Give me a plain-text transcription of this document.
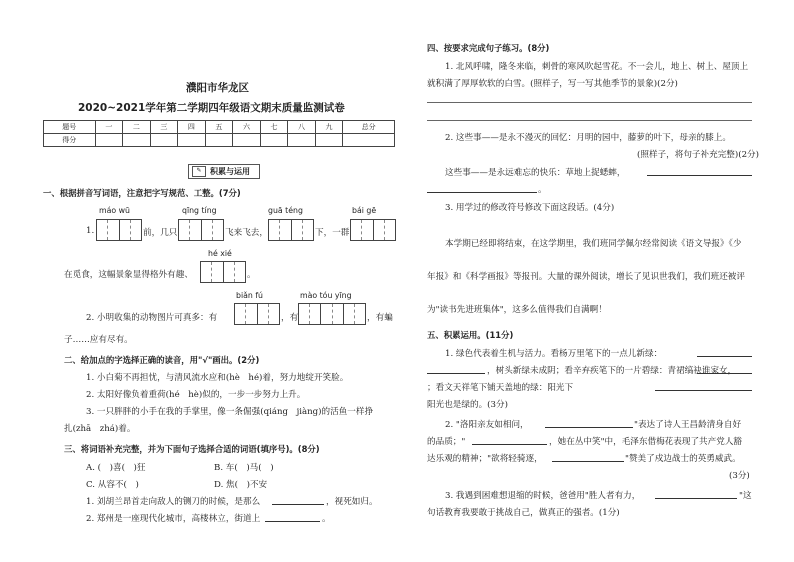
濮阳市华龙区
2020~2021学年第二学期四年级语文期末质量监测试卷
题号	一	二	三	四	五	六	七	八	九	总分
得分										
✎ 积累与运用
一、根据拼音写词语，注意把字写规范、工整。(7分)
máo wū	qīng tíng	guā téng	bái gē
1.	前，几只	飞来飞去，	下，一群
hé xié
在觅食，这幅景象显得格外有趣、	。
biǎn fú	mào tóu yīng
2. 小明收集的动物图片可真多：有	，有	，有蝙
子……应有尽有。
二、给加点的字选择正确的读音，用"√"画出。(2分)
1. 小白菊不再担忧，与清风流水应和(hè　hé)着，努力地绽开笑脸。
2. 太阳好像负着重荷(hé　hè)似的，一步一步努力上升。
3. 一只胖胖的小手在我的手掌里，像一条倔强(qiáng　jiàng)的活鱼一样挣
扎(zhā　zhá)着。
三、将词语补充完整，并为下面句子选择合适的词语(填序号)。(8分)
A. (　)喜(　)狂	B. 车(　)马(　)
C. 从容不(　)	D. 焦(　)不安
1. 刘胡兰昂首走向敌人的铡刀的时候，是那么	，视死如归。
2. 郑州是一座现代化城市，高楼林立，街道上	。
四、按要求完成句子练习。(8分)
1. 北风呼啸，隆冬来临，刺骨的寒风吹起雪花。不一会儿，地上、树上、屋顶上
就积满了厚厚软软的白雪。(照样子，写一写其他季节的景象)(2分)
2. 这些事——是永不漫灭的回忆：月明的园中，藤萝的叶下，母亲的膝上。
(照样子，将句子补充完整)(2分)
这些事——是永远难忘的快乐：草地上捉蟋蟀，
。
3. 用学过的修改符号修改下面这段话。(4分)
本学期已经即将结束，在这学期里，我们班同学佩尔经常阅读《语文导报》《少
年报》和《科学画报》等报刊。大量的课外阅读，增长了见识世我们，我们班还被评
为"读书先进班集体"，这多么值得我们自满啊！
五、积累运用。(11分)
1. 绿色代表着生机与活力。看杨万里笔下的一点儿新绿：
，树头新绿未成阴；看辛弃疾笔下的一片碧绿：青裙缟袂谁家女，
；看文天祥笔下铺天盖地的绿：阳光下
阳光也是绿的。(3分)
2. "洛阳亲友如相问，	"表达了诗人王昌龄清身自好
的品质；"	，她在丛中笑"中，毛泽东借梅花表现了共产党人豁
达乐观的精神；"欲将轻骑逐，	"赞美了戍边战士的英勇威武。
(3分)
3. 我遇到困难想退缩的时候，爸爸用"胜人者有力，	"这
句话教育我要敢于挑战自己，做真正的强者。(1分)
